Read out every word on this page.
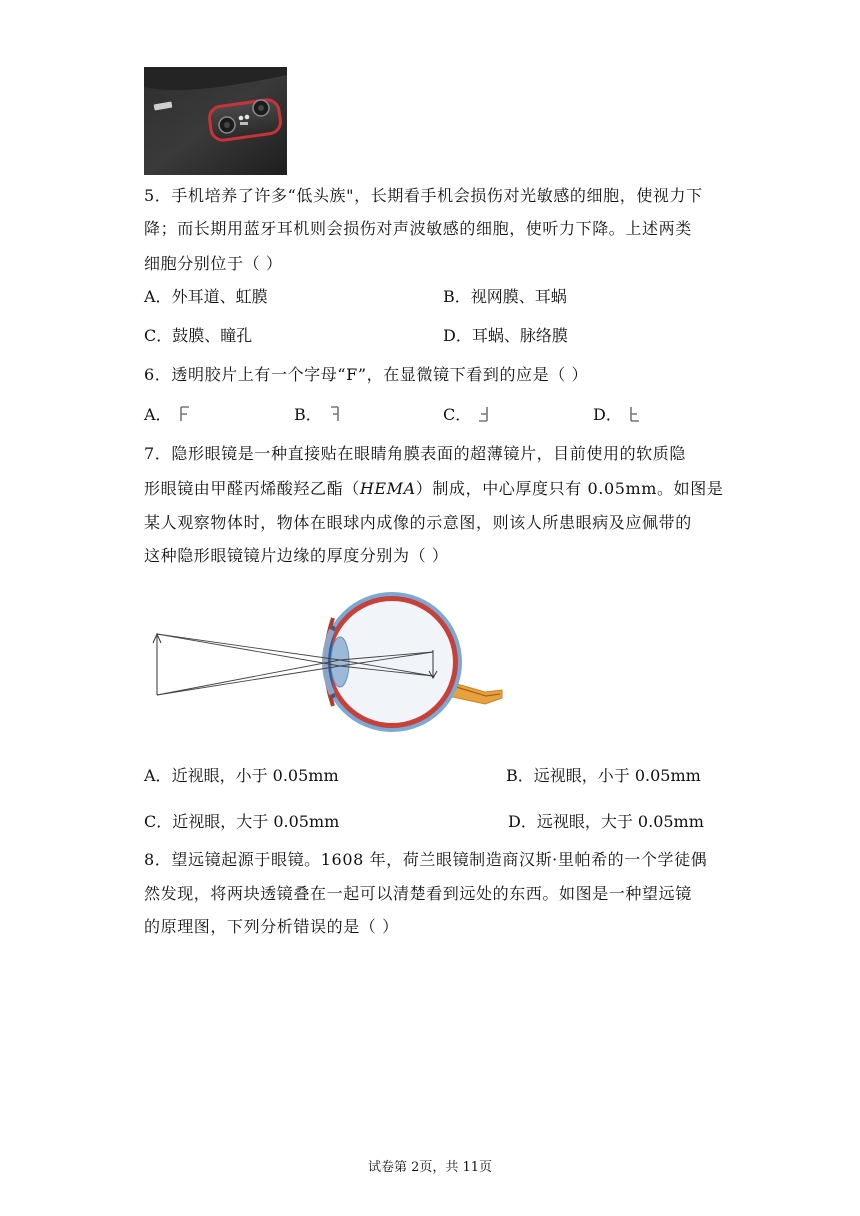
5．手机培养了许多“低头族"，长期看手机会损伤对光敏感的细胞，使视力下
降；而长期用蓝牙耳机则会损伤对声波敏感的细胞，使听力下降。上述两类
细胞分别位于（ ）
A．外耳道、虹膜	B．视网膜、耳蜗
C．鼓膜、瞳孔	D．耳蜗、脉络膜
6．透明胶片上有一个字母“F”，在显微镜下看到的应是（ ）
A．	B．	C．	D．
7．隐形眼镜是一种直接贴在眼睛角膜表面的超薄镜片，目前使用的软质隐
形眼镜由甲醛丙烯酸羟乙酯（HEMA）制成，中心厚度只有 0.05mm。如图是
某人观察物体时，物体在眼球内成像的示意图，则该人所患眼病及应佩带的
这种隐形眼镜镜片边缘的厚度分别为（ ）
A．近视眼，小于 0.05mm	B．远视眼，小于 0.05mm
C．近视眼，大于 0.05mm	D．远视眼，大于 0.05mm
8．望远镜起源于眼镜。1608 年，荷兰眼镜制造商汉斯·里帕希的一个学徒偶
然发现，将两块透镜叠在一起可以清楚看到远处的东西。如图是一种望远镜
的原理图，下列分析错误的是（ ）
试卷第 2页，共 11页
